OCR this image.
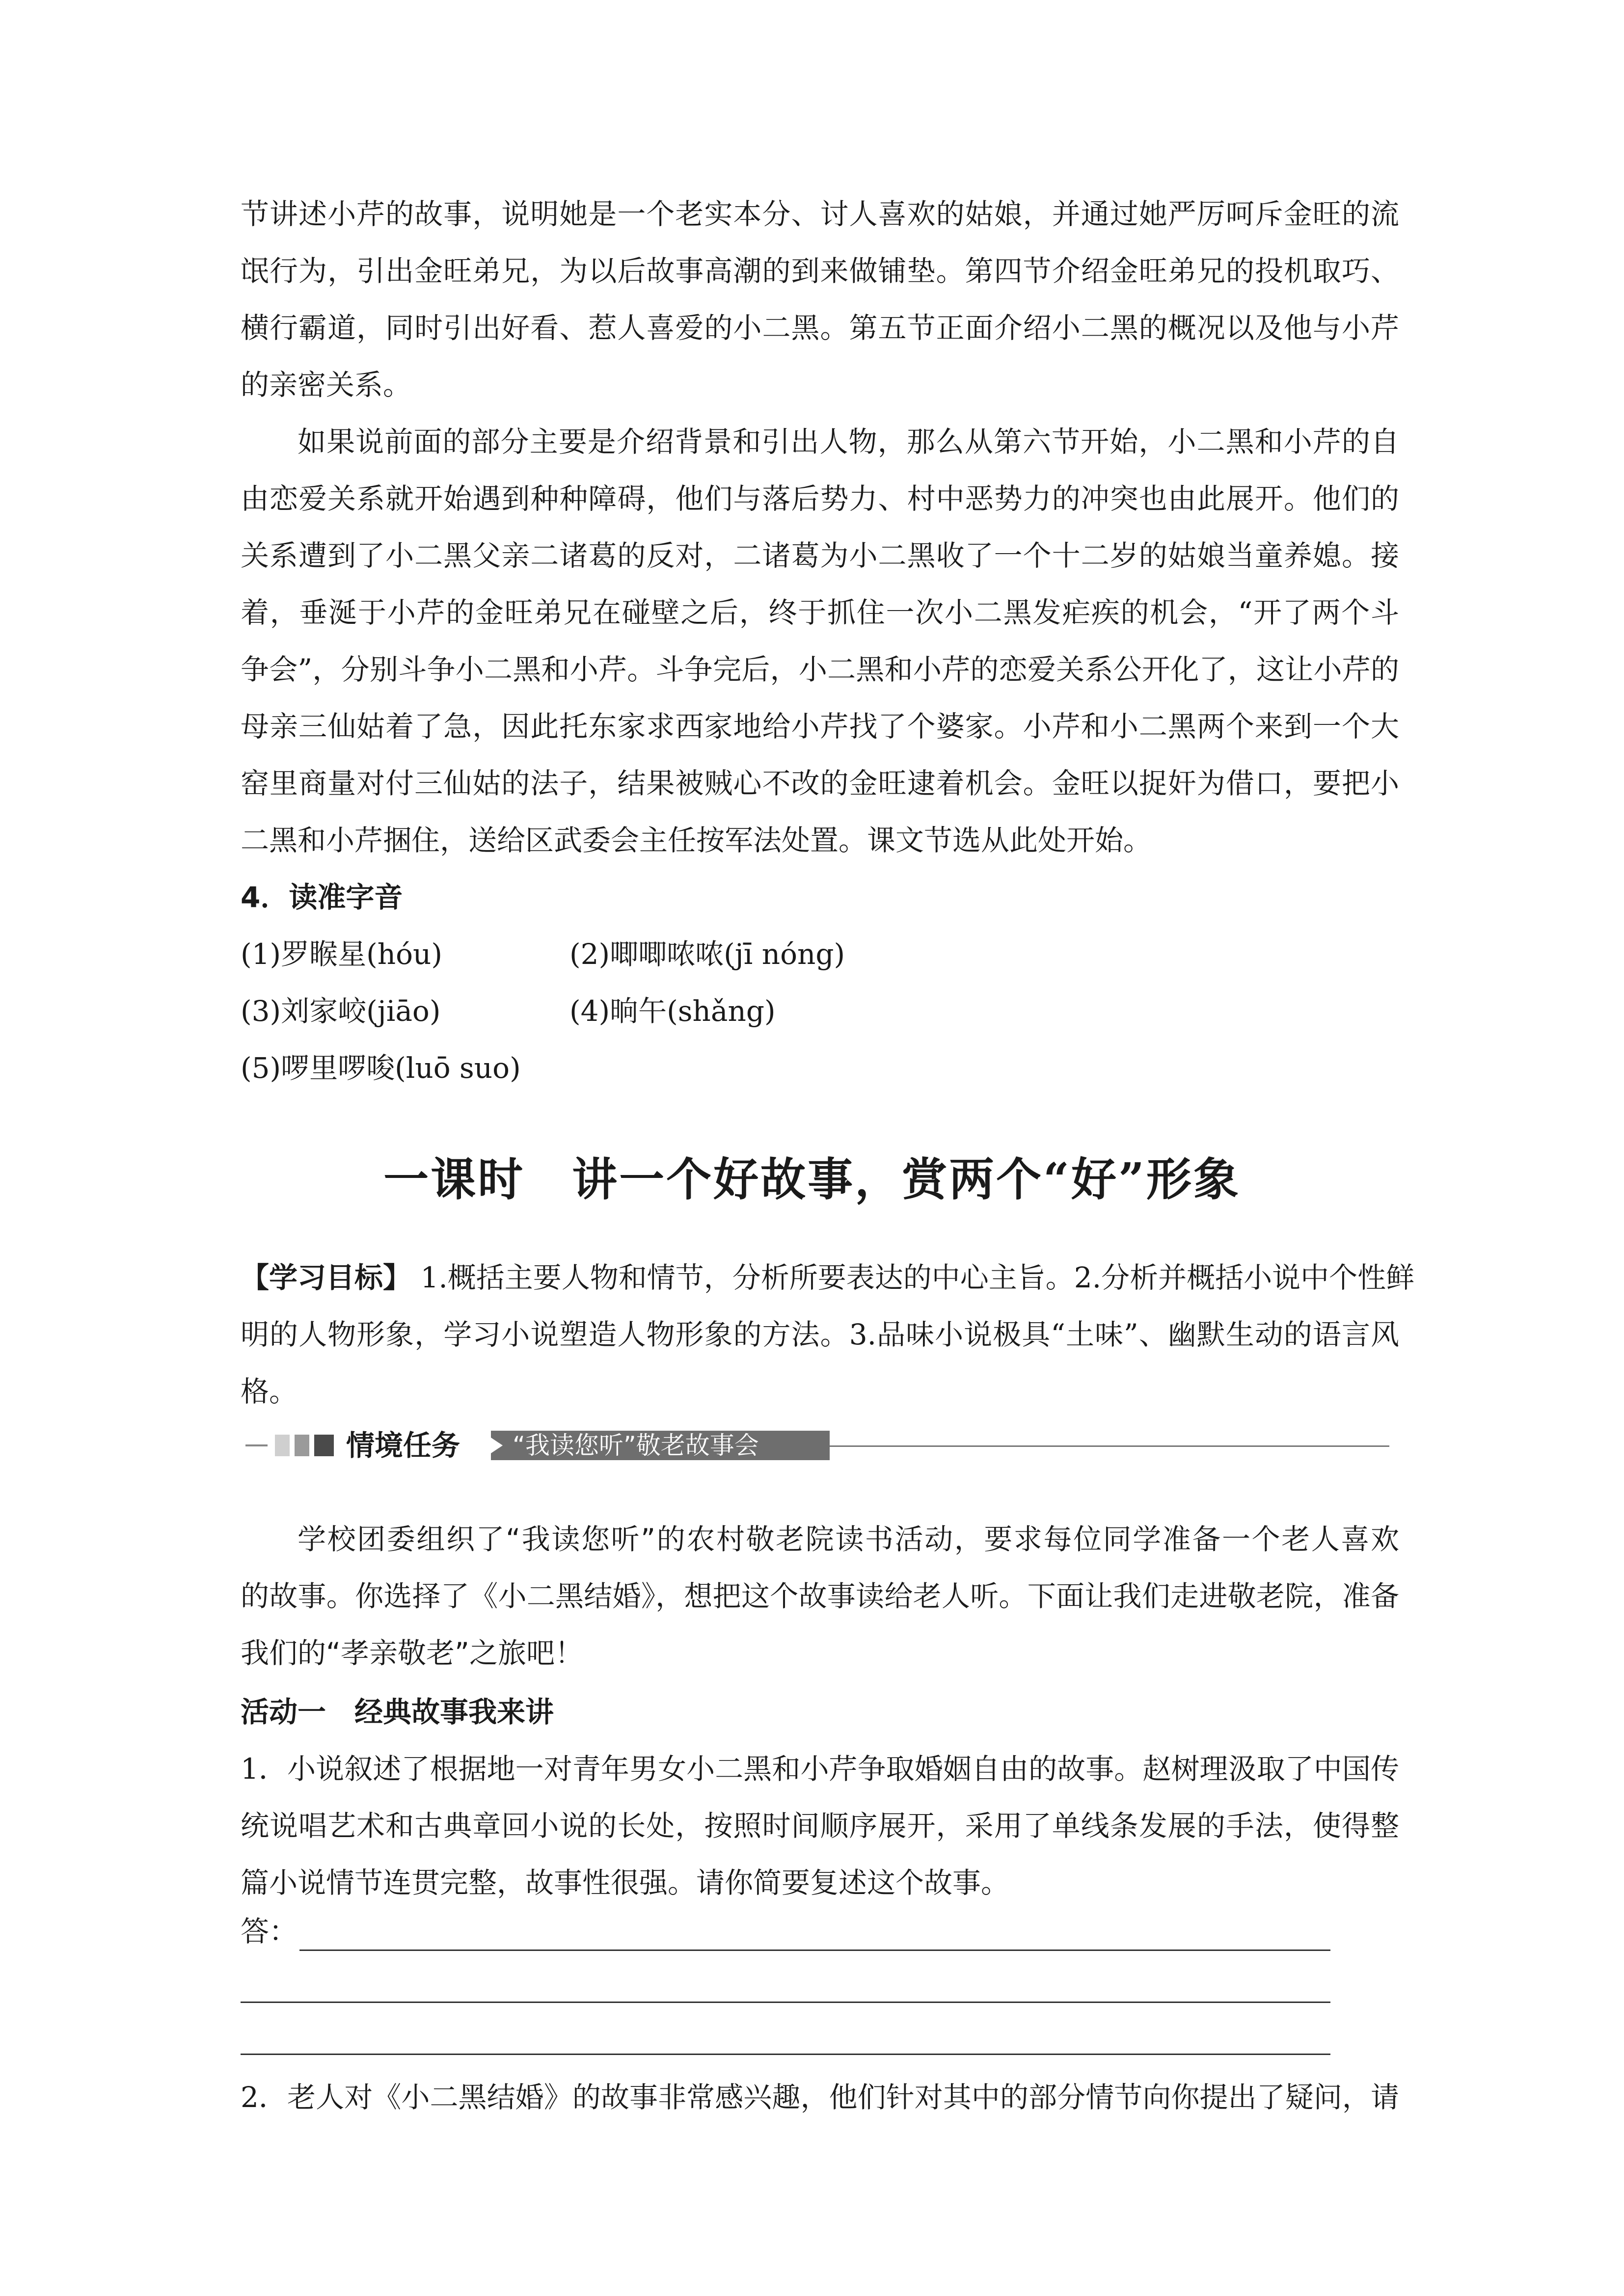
节讲述小芹的故事，说明她是一个老实本分、讨人喜欢的姑娘，并通过她严厉呵斥金旺的流
氓行为，引出金旺弟兄，为以后故事高潮的到来做铺垫。第四节介绍金旺弟兄的投机取巧、
横行霸道，同时引出好看、惹人喜爱的小二黑。第五节正面介绍小二黑的概况以及他与小芹
的亲密关系。
如果说前面的部分主要是介绍背景和引出人物，那么从第六节开始，小二黑和小芹的自
由恋爱关系就开始遇到种种障碍，他们与落后势力、村中恶势力的冲突也由此展开。他们的
关系遭到了小二黑父亲二诸葛的反对，二诸葛为小二黑收了一个十二岁的姑娘当童养媳。接
着，垂涎于小芹的金旺弟兄在碰壁之后，终于抓住一次小二黑发疟疾的机会，“开了两个斗
争会”，分别斗争小二黑和小芹。斗争完后，小二黑和小芹的恋爱关系公开化了，这让小芹的
母亲三仙姑着了急，因此托东家求西家地给小芹找了个婆家。小芹和小二黑两个来到一个大
窑里商量对付三仙姑的法子，结果被贼心不改的金旺逮着机会。金旺以捉奸为借口，要把小
二黑和小芹捆住，送给区武委会主任按军法处置。课文节选从此处开始。
4．读准字音
(1)罗睺星(hóu)	(2)唧唧哝哝(jī nóng)
(3)刘家峧(jiāo)	(4)晌午(shǎng)
(5)啰里啰唆(luō suo)
一课时　讲一个好故事，赏两个“好”形象
【学习目标】 1.概括主要人物和情节，分析所要表达的中心主旨。2.分析并概括小说中个性鲜
明的人物形象，学习小说塑造人物形象的方法。3.品味小说极具“土味”、幽默生动的语言风
格。
情境任务 “我读您听”敬老故事会
学校团委组织了“我读您听”的农村敬老院读书活动，要求每位同学准备一个老人喜欢
的故事。你选择了《小二黑结婚》，想把这个故事读给老人听。下面让我们走进敬老院，准备
我们的“孝亲敬老”之旅吧！
活动一　经典故事我来讲
1．小说叙述了根据地一对青年男女小二黑和小芹争取婚姻自由的故事。赵树理汲取了中国传
统说唱艺术和古典章回小说的长处，按照时间顺序展开，采用了单线条发展的手法，使得整
篇小说情节连贯完整，故事性很强。请你简要复述这个故事。
答：
2．老人对《小二黑结婚》的故事非常感兴趣，他们针对其中的部分情节向你提出了疑问，请
